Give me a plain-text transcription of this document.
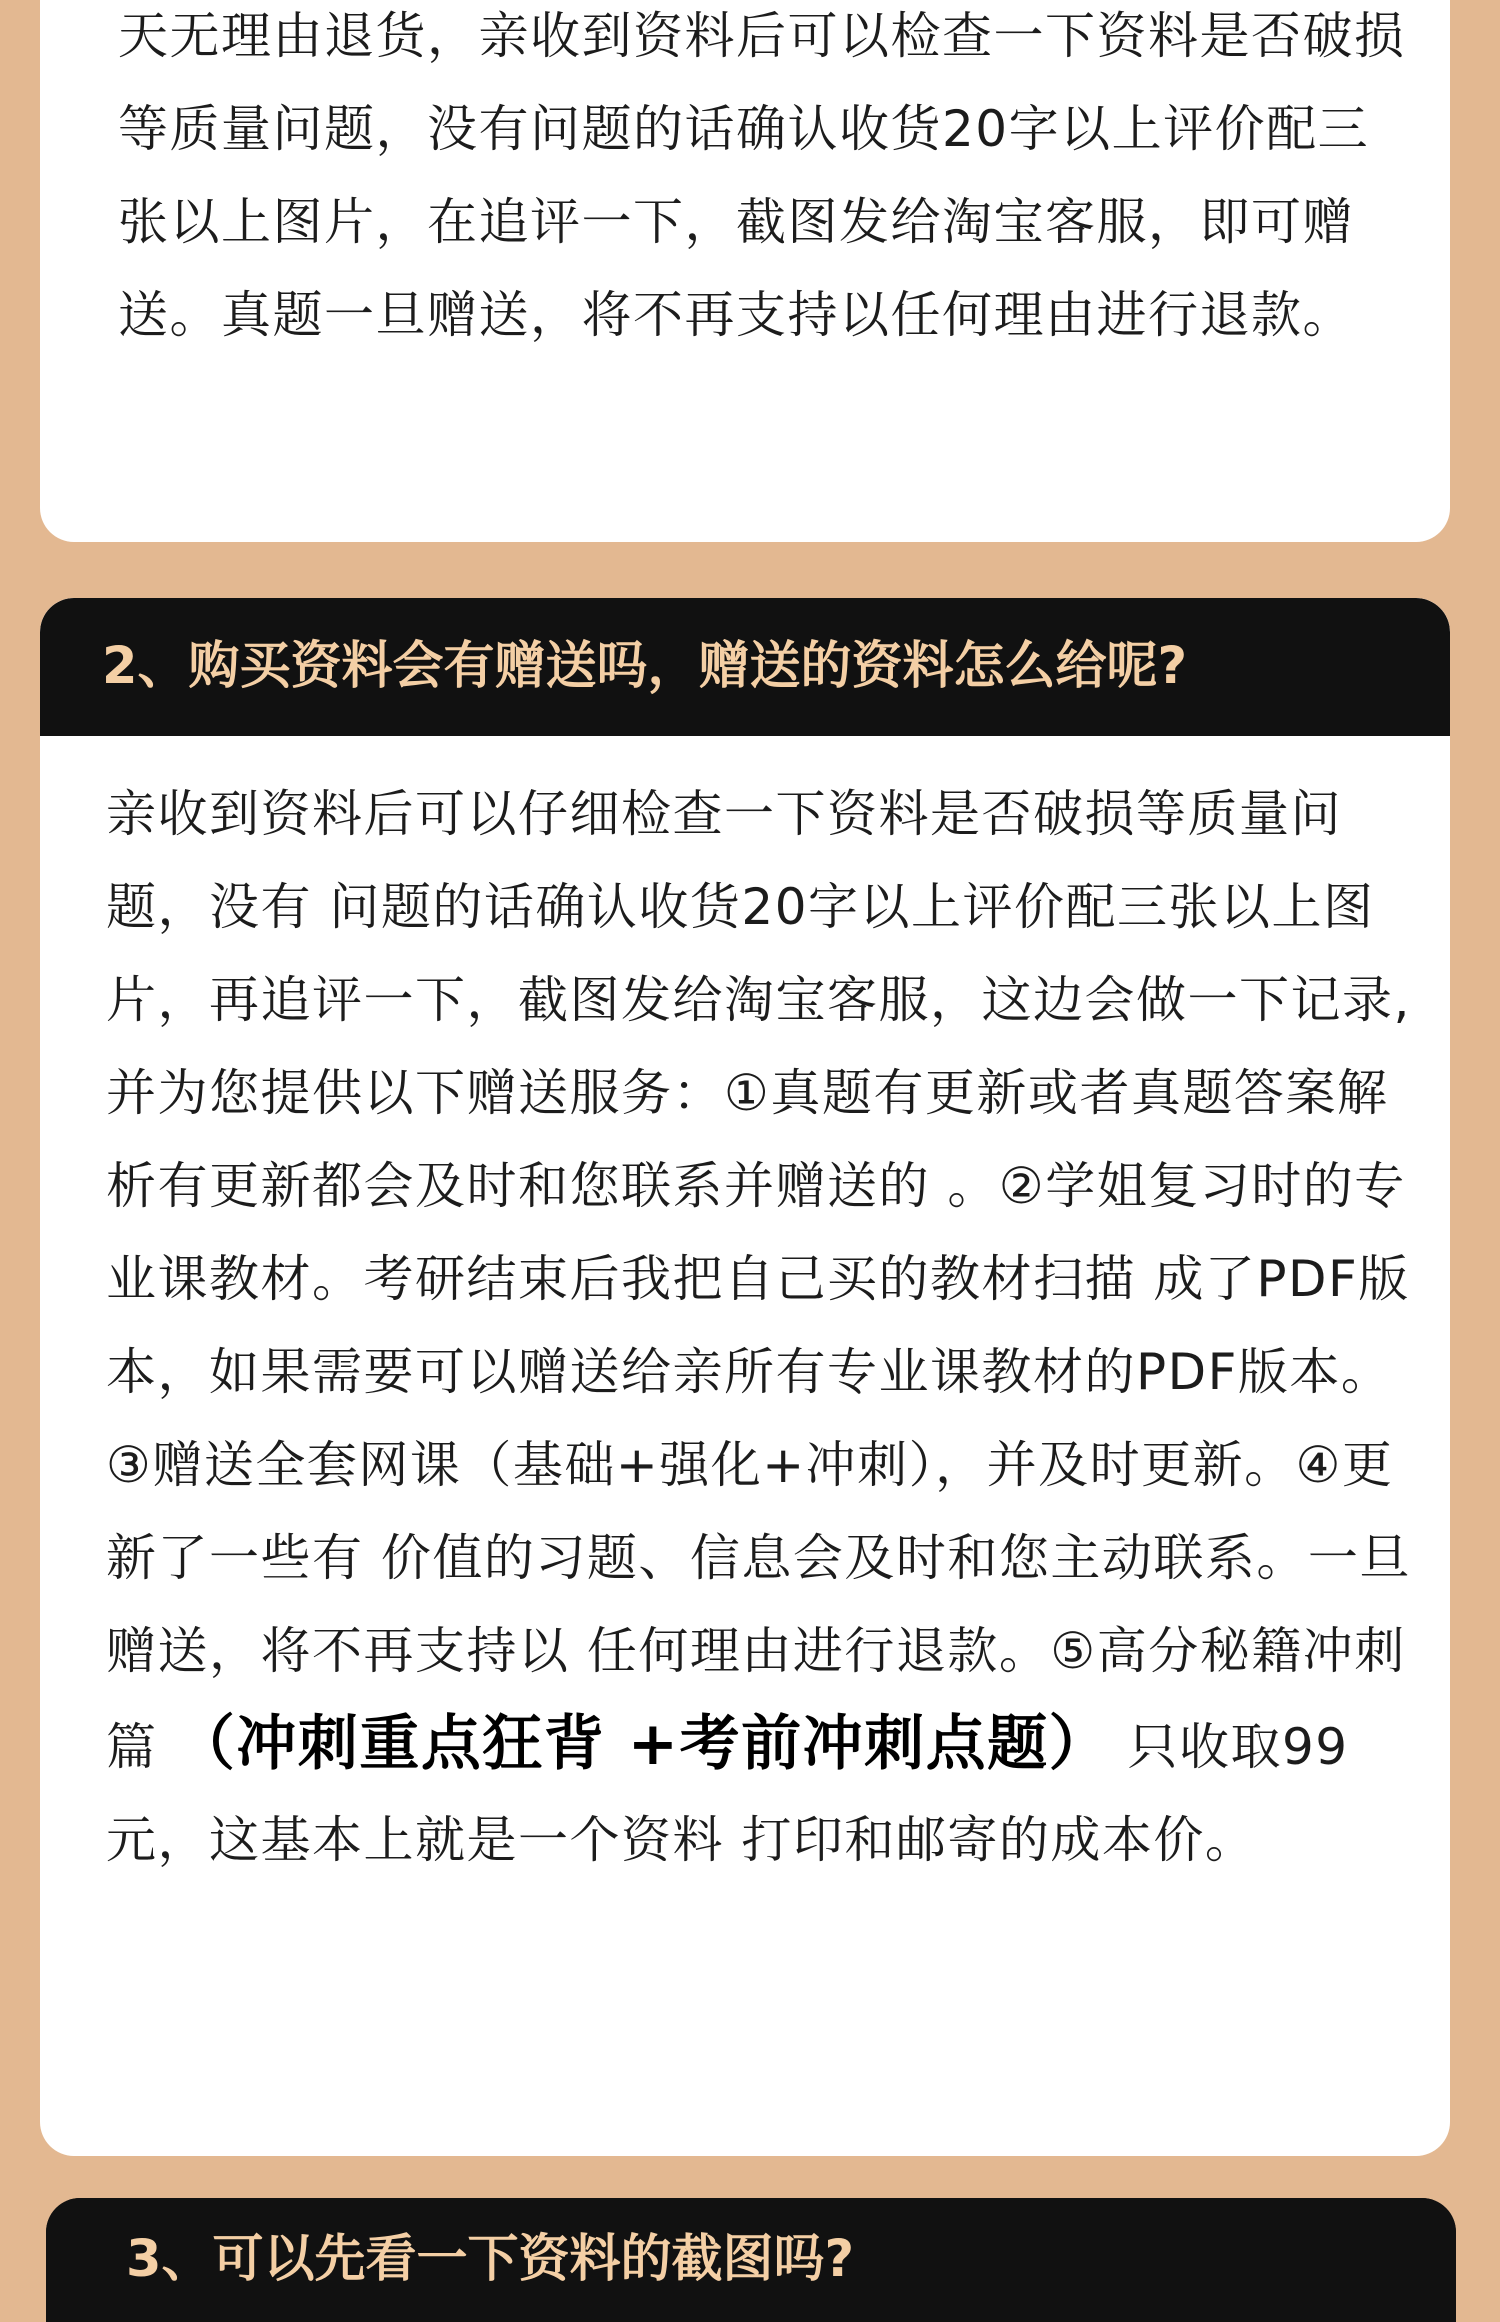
天无理由退货，亲收到资料后可以检查一下资料是否破损等质量问题，没有问题的话确认收货20字以上评价配三张以上图片，在追评一下，截图发给淘宝客服，即可赠送。真题一旦赠送，将不再支持以任何理由进行退款。

2、购买资料会有赠送吗，赠送的资料怎么给呢?

亲收到资料后可以仔细检查一下资料是否破损等质量问题，没有 问题的话确认收货20字以上评价配三张以上图片，再追评一下，截图发给淘宝客服，这边会做一下记录,并为您提供以下赠送服务：①真题有更新或者真题答案解析有更新都会及时和您联系并赠送的 。②学姐复习时的专业课教材。考研结束后我把自己买的教材扫描 成了PDF版本，如果需要可以赠送给亲所有专业课教材的PDF版本。③赠送全套网课（基础+强化+冲刺），并及时更新。④更新了一些有 价值的习题、信息会及时和您主动联系。一旦赠送，将不再支持以 任何理由进行退款。⑤高分秘籍冲刺篇 （冲刺重点狂背 +考前冲刺点题） 只收取99元，这基本上就是一个资料 打印和邮寄的成本价。

3、可以先看一下资料的截图吗?
